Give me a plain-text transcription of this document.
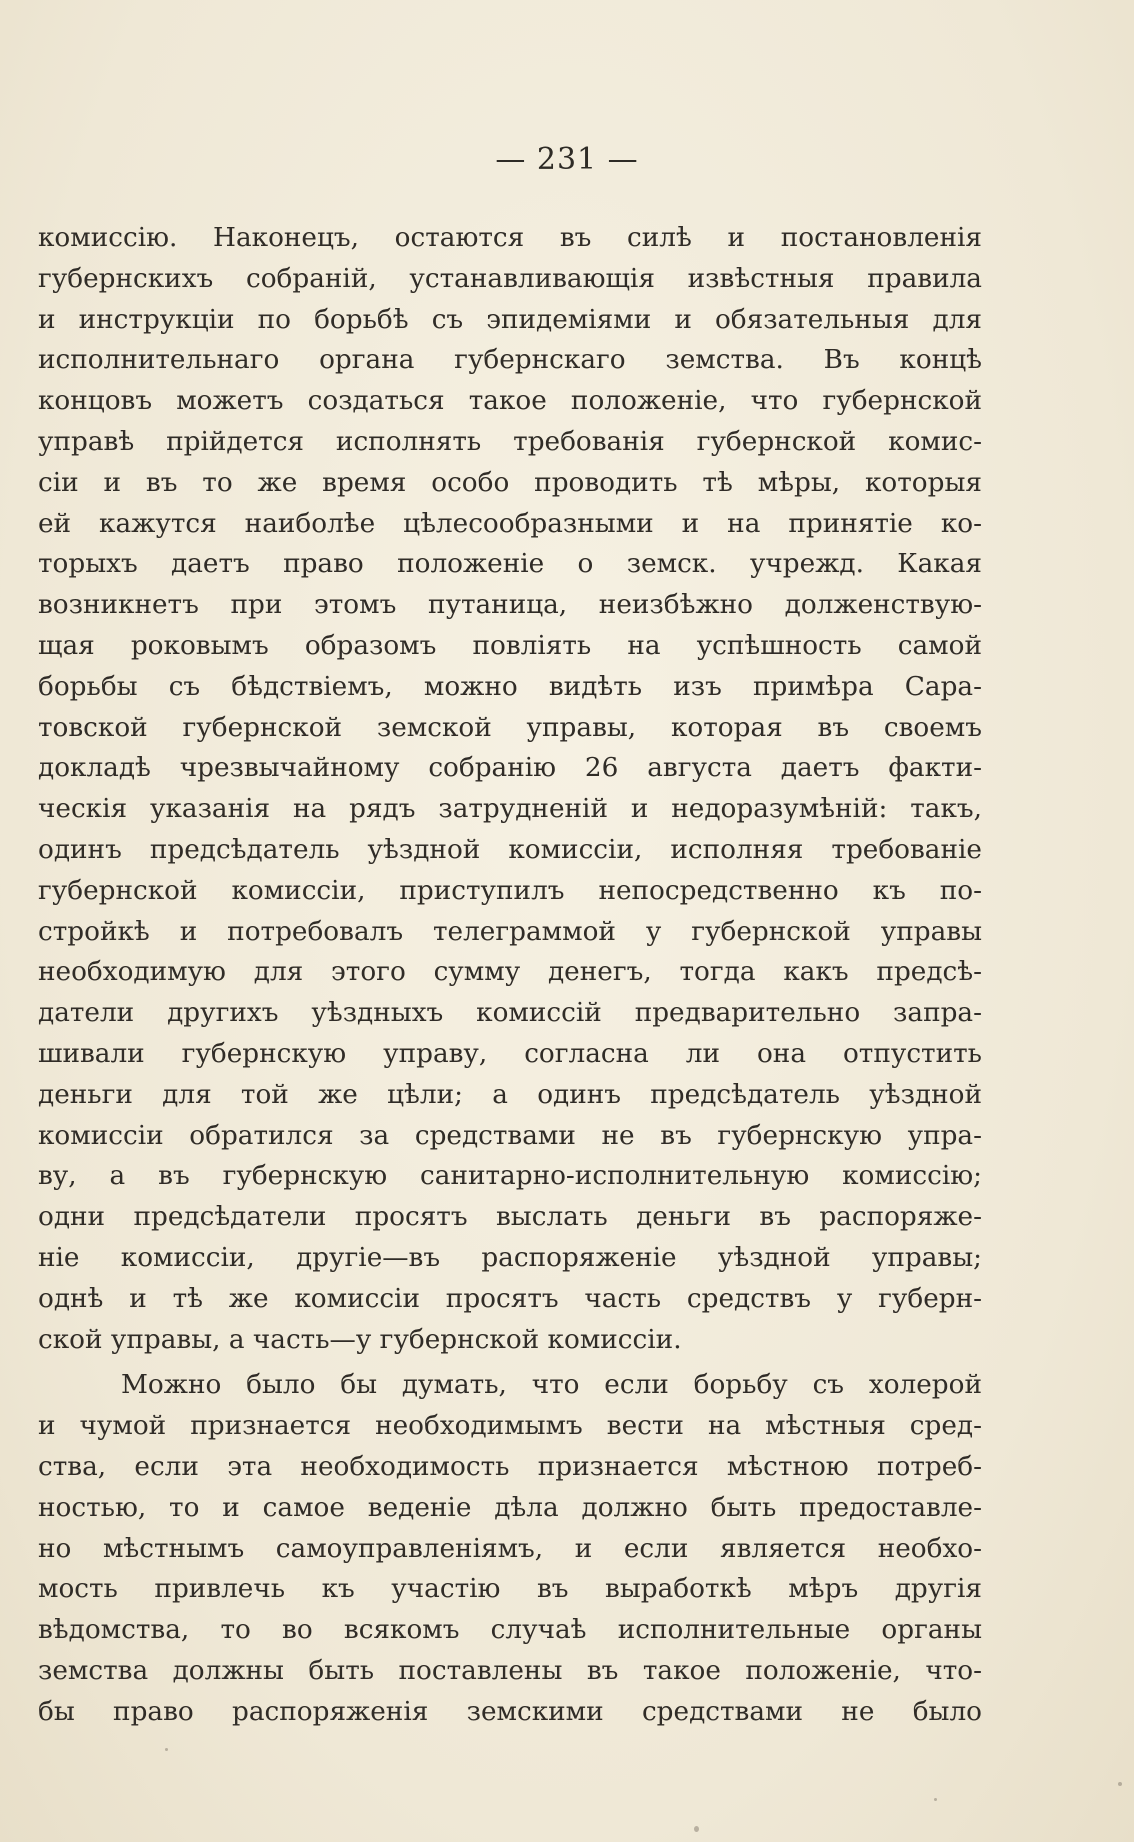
— 231 —
комиссію. Наконецъ, остаются въ силѣ и постановленія
губернскихъ собраній, устанавливающія извѣстныя правила
и инструкціи по борьбѣ съ эпидеміями и обязательныя для
исполнительнаго органа губернскаго земства. Въ концѣ
концовъ можетъ создаться такое положеніе, что губернской
управѣ прійдется исполнять требованія губернской комис-
сіи и въ то же время особо проводить тѣ мѣры, которыя
ей кажутся наиболѣе цѣлесообразными и на принятіе ко-
торыхъ даетъ право положеніе о земск. учрежд. Какая
возникнетъ при этомъ путаница, неизбѣжно долженствую-
щая роковымъ образомъ повліять на успѣшность самой
борьбы съ бѣдствіемъ, можно видѣть изъ примѣра Сара-
товской губернской земской управы, которая въ своемъ
докладѣ чрезвычайному собранію 26 августа даетъ факти-
ческія указанія на рядъ затрудненій и недоразумѣній: такъ,
одинъ предсѣдатель уѣздной комиссіи, исполняя требованіе
губернской комиссіи, приступилъ непосредственно къ по-
стройкѣ и потребовалъ телеграммой у губернской управы
необходимую для этого сумму денегъ, тогда какъ предсѣ-
датели другихъ уѣздныхъ комиссій предварительно запра-
шивали губернскую управу, согласна ли она отпустить
деньги для той же цѣли; а одинъ предсѣдатель уѣздной
комиссіи обратился за средствами не въ губернскую упра-
ву, а въ губернскую санитарно-исполнительную комиссію;
одни предсѣдатели просятъ выслать деньги въ распоряже-
ніе комиссіи, другіе—въ распоряженіе уѣздной управы;
однѣ и тѣ же комиссіи просятъ часть средствъ у губерн-
ской управы, а часть—у губернской комиссіи.
Можно было бы думать, что если борьбу съ холерой
и чумой признается необходимымъ вести на мѣстныя сред-
ства, если эта необходимость признается мѣстною потреб-
ностью, то и самое веденіе дѣла должно быть предоставле-
но мѣстнымъ самоуправленіямъ, и если является необхо-
мость привлечь къ участію въ выработкѣ мѣръ другія
вѣдомства, то во всякомъ случаѣ исполнительные органы
земства должны быть поставлены въ такое положеніе, что-
бы право распоряженія земскими средствами не было
